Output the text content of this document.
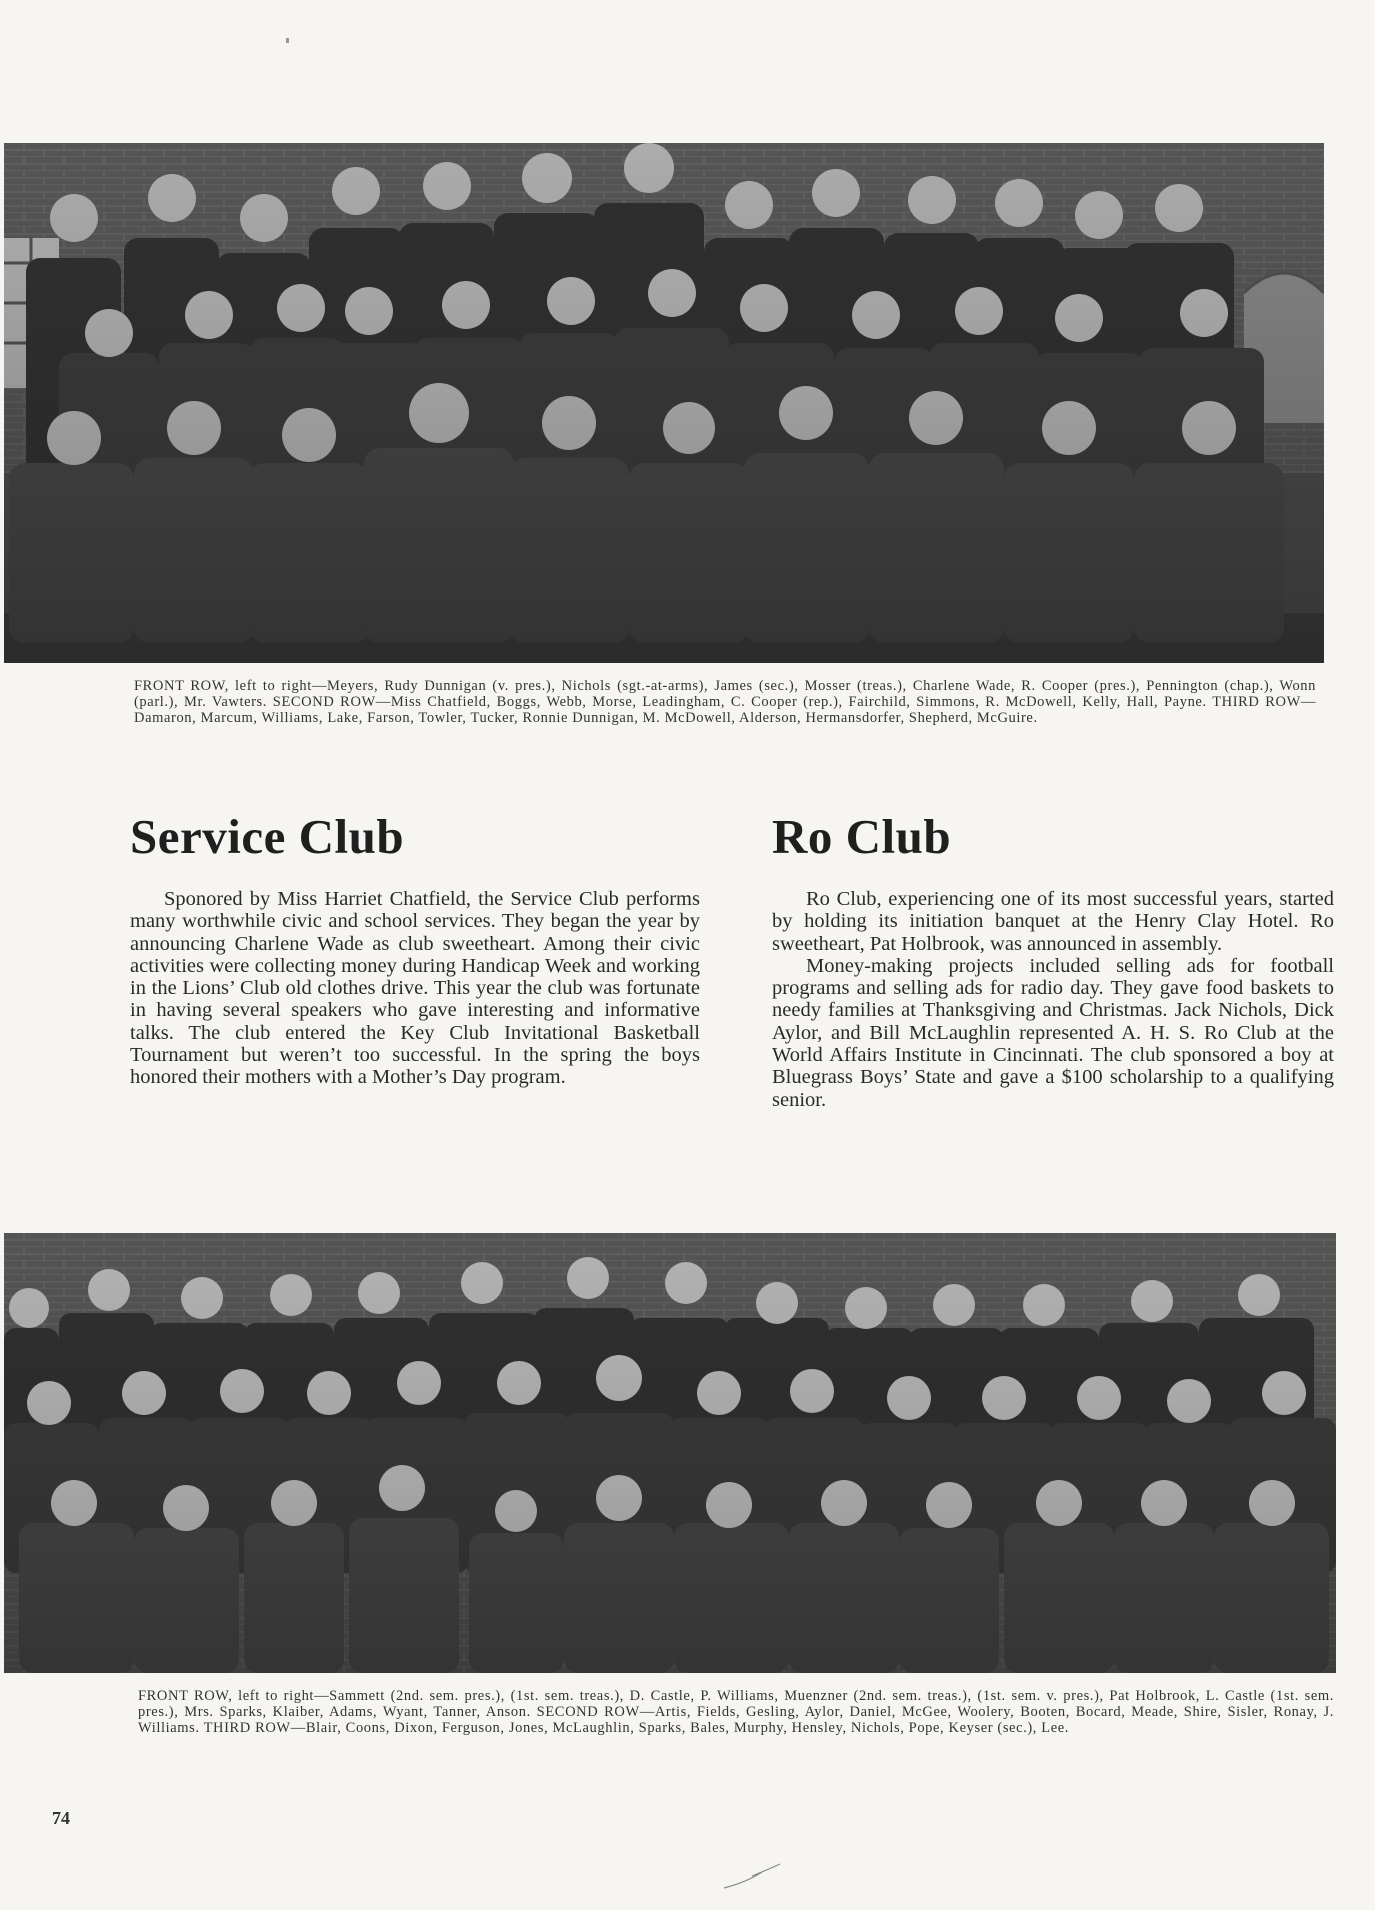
FRONT ROW, left to right—Meyers, Rudy Dunnigan (v. pres.), Nichols (sgt.-at-arms), James (sec.), Mosser (treas.), Charlene Wade, R. Cooper (pres.), Pennington (chap.), Wonn (parl.), Mr. Vawters. SECOND ROW—Miss Chatfield, Boggs, Webb, Morse, Leadingham, C. Cooper (rep.), Fairchild, Simmons, R. McDowell, Kelly, Hall, Payne. THIRD ROW—Damaron, Marcum, Williams, Lake, Farson, Towler, Tucker, Ronnie Dunnigan, M. McDowell, Alderson, Hermansdorfer, Shepherd, McGuire.
Service Club

Sponored by Miss Harriet Chatfield, the Service Club performs many worthwhile civic and school services. They began the year by announcing Charlene Wade as club sweetheart. Among their civic activities were collecting money during Handicap Week and working in the Lions’ Club old clothes drive. This year the club was fortunate in having several speakers who gave interesting and informative talks. The club entered the Key Club Invitational Basketball Tournament but weren’t too successful. In the spring the boys honored their mothers with a Mother’s Day program.

Ro Club

Ro Club, experiencing one of its most successful years, started by holding its initiation banquet at the Henry Clay Hotel. Ro sweetheart, Pat Holbrook, was announced in assembly.

Money-making projects included selling ads for football programs and selling ads for radio day. They gave food baskets to needy families at Thanksgiving and Christmas. Jack Nichols, Dick Aylor, and Bill McLaughlin represented A. H. S. Ro Club at the World Affairs Institute in Cincinnati. The club sponsored a boy at Bluegrass Boys’ State and gave a $100 scholarship to a qualifying senior.

FRONT ROW, left to right—Sammett (2nd. sem. pres.), (1st. sem. treas.), D. Castle, P. Williams, Muenzner (2nd. sem. treas.), (1st. sem. v. pres.), Pat Holbrook, L. Castle (1st. sem. pres.), Mrs. Sparks, Klaiber, Adams, Wyant, Tanner, Anson. SECOND ROW—Artis, Fields, Gesling, Aylor, Daniel, McGee, Woolery, Booten, Bocard, Meade, Shire, Sisler, Ronay, J. Williams. THIRD ROW—Blair, Coons, Dixon, Ferguson, Jones, McLaughlin, Sparks, Bales, Murphy, Hensley, Nichols, Pope, Keyser (sec.), Lee.
74
